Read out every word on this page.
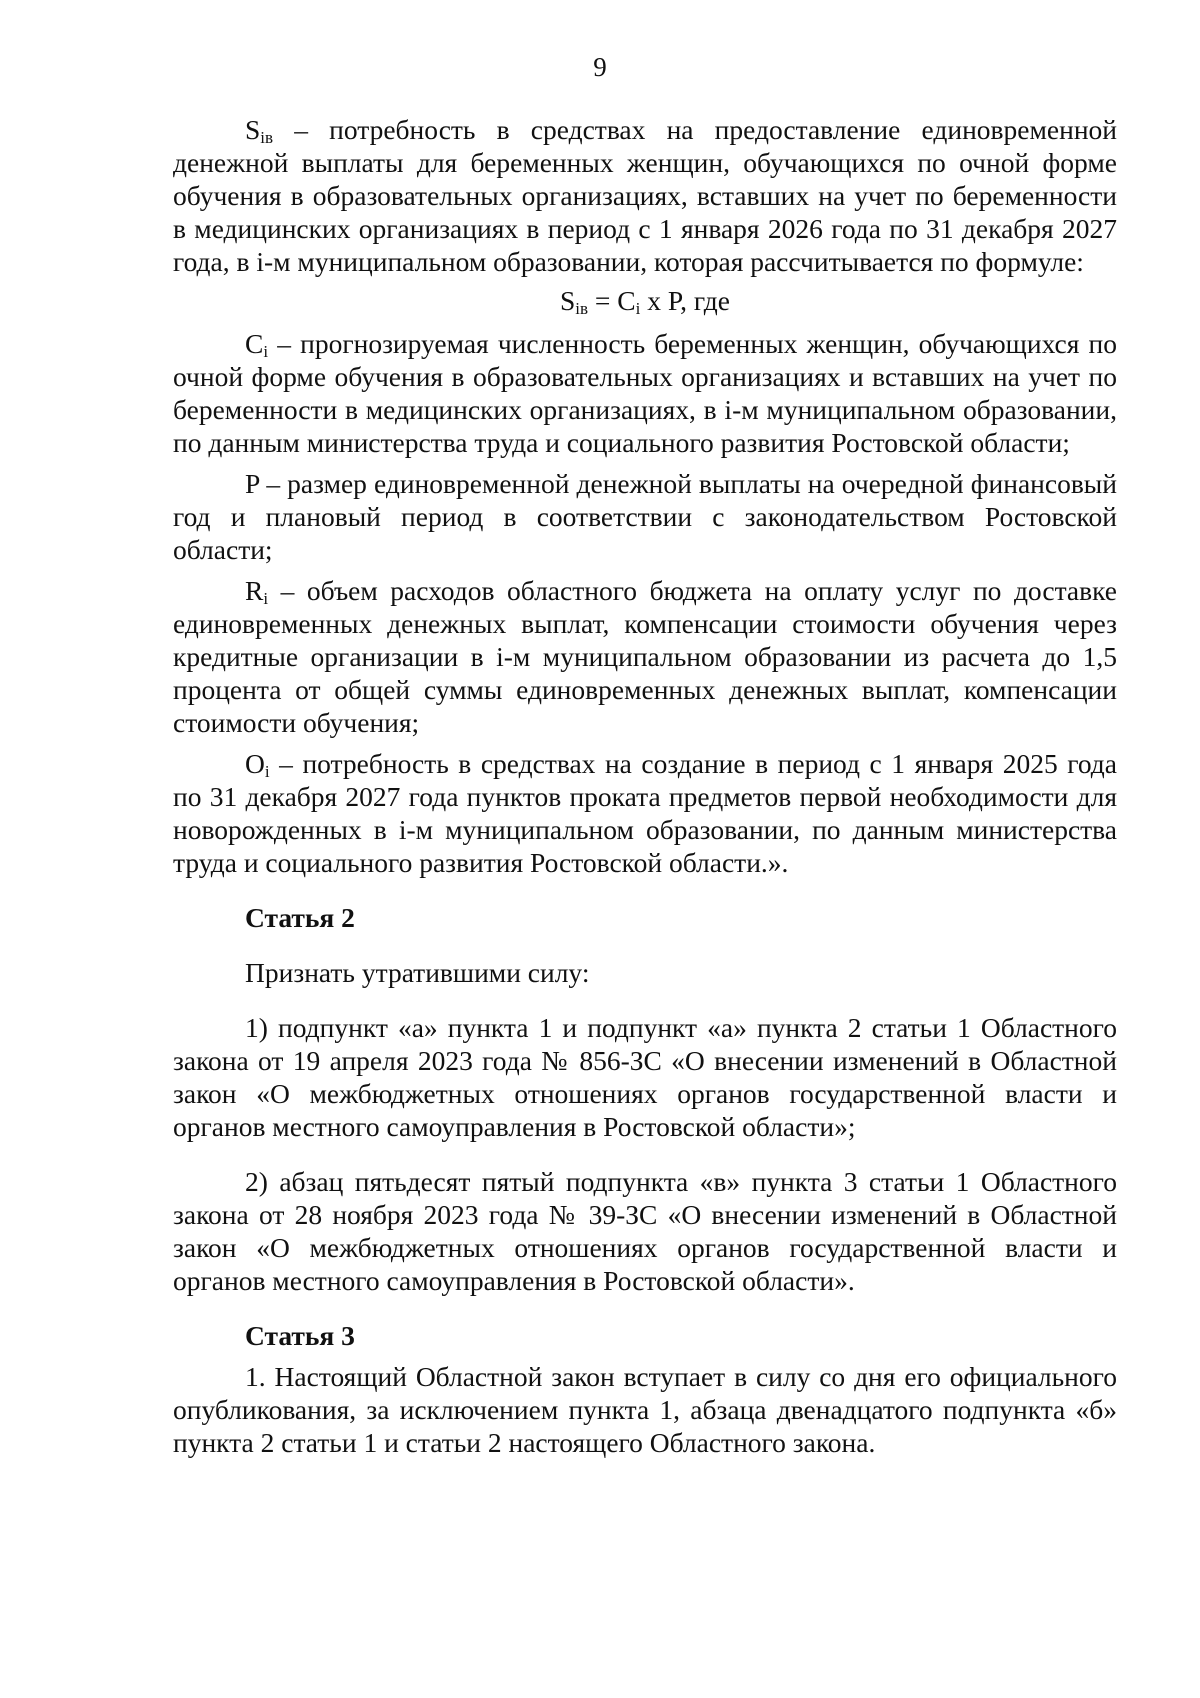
9

$S_{iв}$ – потребность в средствах на предоставление единовременной денежной выплаты для беременных женщин, обучающихся по очной форме обучения в образовательных организациях, вставших на учет по беременности в медицинских организациях в период с 1 января 2026 года по 31 декабря 2027 года, в i-м муниципальном образовании, которая рассчитывается по формуле:

$S_{iв} = C_i$ x P, где

$C_i$ – прогнозируемая численность беременных женщин, обучающихся по очной форме обучения в образовательных организациях и вставших на учет по беременности в медицинских организациях, в i-м муниципальном образовании, по данным министерства труда и социального развития Ростовской области;

P – размер единовременной денежной выплаты на очередной финансовый год и плановый период в соответствии с законодательством Ростовской области;

$R_i$ – объем расходов областного бюджета на оплату услуг по доставке единовременных денежных выплат, компенсации стоимости обучения через кредитные организации в i-м муниципальном образовании из расчета до 1,5 процента от общей суммы единовременных денежных выплат, компенсации стоимости обучения;

$O_i$ – потребность в средствах на создание в период с 1 января 2025 года по 31 декабря 2027 года пунктов проката предметов первой необходимости для новорожденных в i-м муниципальном образовании, по данным министерства труда и социального развития Ростовской области.».

Статья 2

Признать утратившими силу:

1) подпункт «а» пункта 1 и подпункт «а» пункта 2 статьи 1 Областного закона от 19 апреля 2023 года № 856-ЗС «О внесении изменений в Областной закон «О межбюджетных отношениях органов государственной власти и органов местного самоуправления в Ростовской области»;

2) абзац пятьдесят пятый подпункта «в» пункта 3 статьи 1 Областного закона от 28 ноября 2023 года № 39-ЗС «О внесении изменений в Областной закон «О межбюджетных отношениях органов государственной власти и органов местного самоуправления в Ростовской области».

Статья 3

1. Настоящий Областной закон вступает в силу со дня его официального опубликования, за исключением пункта 1, абзаца двенадцатого подпункта «б» пункта 2 статьи 1 и статьи 2 настоящего Областного закона.
